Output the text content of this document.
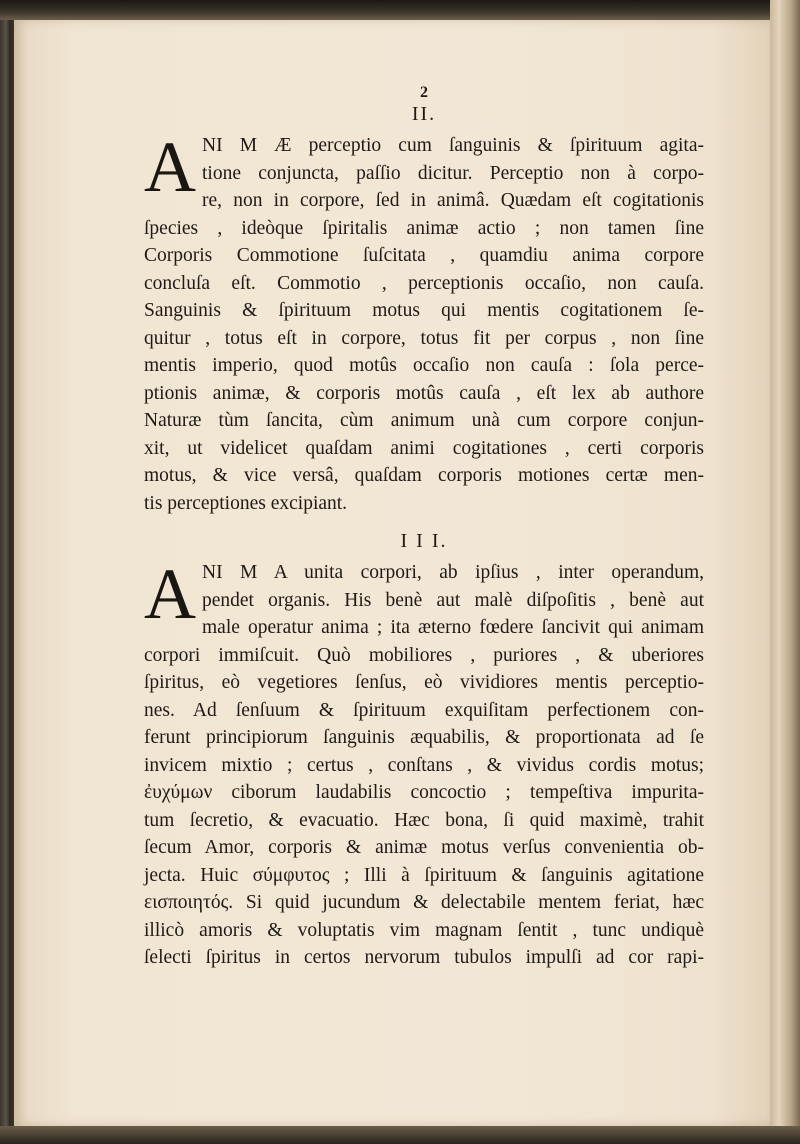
2
II.
A NI M Æ perceptio cum ſanguinis & ſpirituum agita-
tione conjuncta, paſſio dicitur. Perceptio non à corpo-
re, non in corpore, ſed in animâ. Quædam eſt cogitationis
ſpecies , ideòque ſpiritalis animæ actio ; non tamen ſine
Corporis Commotione ſuſcitata , quamdiu anima corpore
concluſa eſt. Commotio , perceptionis occaſio, non cauſa.
Sanguinis & ſpirituum motus qui mentis cogitationem ſe-
quitur , totus eſt in corpore, totus fit per corpus , non ſine
mentis imperio, quod motûs occaſio non cauſa : ſola perce-
ptionis animæ, & corporis motûs cauſa , eſt lex ab authore
Naturæ tùm ſancita, cùm animum unà cum corpore conjun-
xit, ut videlicet quaſdam animi cogitationes , certi corporis
motus, & vice versâ, quaſdam corporis motiones certæ men-
tis perceptiones excipiant.
I I I.
A NI M A unita corpori, ab ipſius , inter operandum,
pendet organis. His benè aut malè diſpoſitis , benè aut
male operatur anima ; ita æterno fœdere ſancivit qui animam
corpori immiſcuit. Quò mobiliores , puriores , & uberiores
ſpiritus, eò vegetiores ſenſus, eò vividiores mentis perceptio-
nes. Ad ſenſuum & ſpirituum exquiſitam perfectionem con-
ferunt principiorum ſanguinis æquabilis, & proportionata ad ſe
invicem mixtio ; certus , conſtans , & vividus cordis motus;
ἐυχύμων ciborum laudabilis concoctio ; tempeſtiva impurita-
tum ſecretio, & evacuatio. Hæc bona, ſi quid maximè, trahit
ſecum Amor, corporis & animæ motus verſus convenientia ob-
jecta. Huic σύμφυτος ; Illi à ſpirituum & ſanguinis agitatione
εισποιητός. Si quid jucundum & delectabile mentem feriat, hæc
illicò amoris & voluptatis vim magnam ſentit , tunc undiquè
ſelecti ſpiritus in certos nervorum tubulos impulſi ad cor rapi-
